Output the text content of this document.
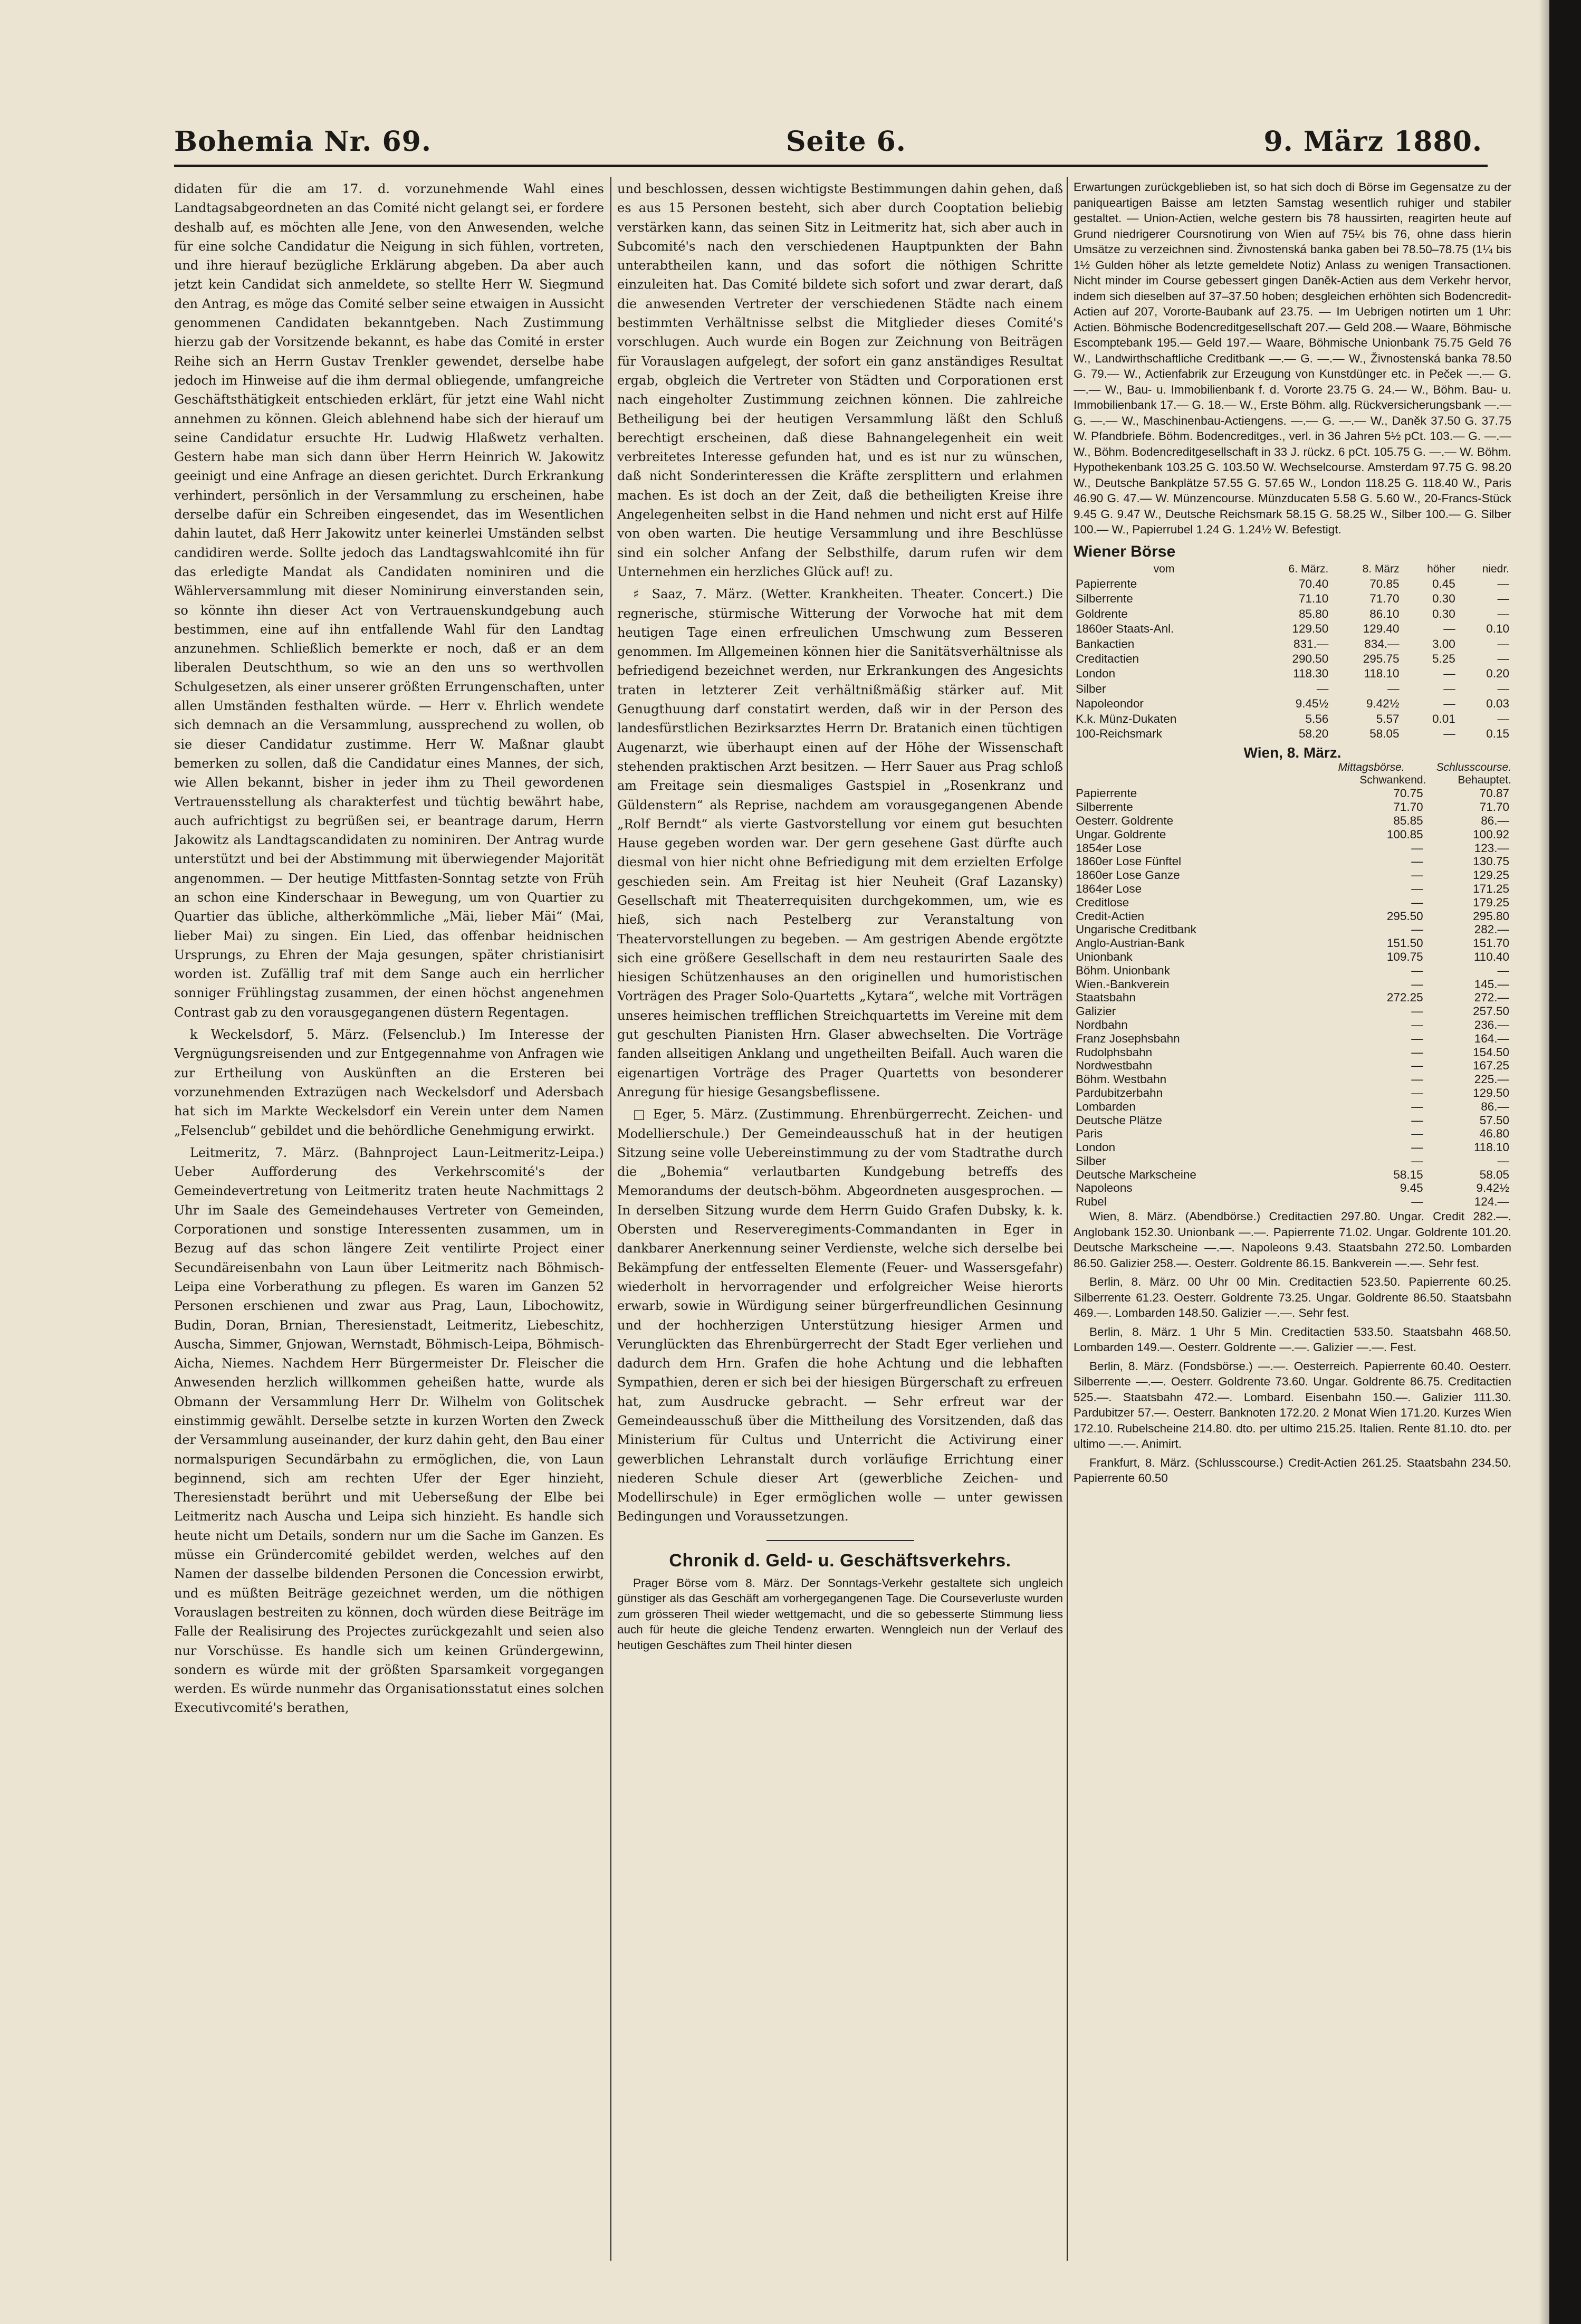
Bohemia Nr. 69.	Seite 6.	9. März 1880.

didaten für die am 17. d. vorzunehmende Wahl eines Landtagsabgeordneten an das Comité nicht gelangt sei, er fordere deshalb auf, es möchten alle Jene, von den Anwesenden, welche für eine solche Candidatur die Neigung in sich fühlen, vortreten, und ihre hierauf bezügliche Erklärung abgeben. Da aber auch jetzt kein Candidat sich anmeldete, so stellte Herr W. Siegmund den Antrag, es möge das Comité selber seine etwaigen in Aussicht genommenen Candidaten bekanntgeben. Nach Zustimmung hierzu gab der Vorsitzende bekannt, es habe das Comité in erster Reihe sich an Herrn Gustav Trenkler gewendet, derselbe habe jedoch im Hinweise auf die ihm dermal obliegende, umfangreiche Geschäftsthätigkeit entschieden erklärt, für jetzt eine Wahl nicht annehmen zu können. Gleich ablehnend habe sich der hierauf um seine Candidatur ersuchte Hr. Ludwig Hlaßwetz verhalten. Gestern habe man sich dann über Herrn Heinrich W. Jakowitz geeinigt und eine Anfrage an diesen gerichtet. Durch Erkrankung verhindert, persönlich in der Versammlung zu erscheinen, habe derselbe dafür ein Schreiben eingesendet, das im Wesentlichen dahin lautet, daß Herr Jakowitz unter keinerlei Umständen selbst candidiren werde. Sollte jedoch das Landtagswahlcomité ihn für das erledigte Mandat als Candidaten nominiren und die Wählerversammlung mit dieser Nominirung einverstanden sein, so könnte ihn dieser Act von Vertrauenskundgebung auch bestimmen, eine auf ihn entfallende Wahl für den Landtag anzunehmen. Schließlich bemerkte er noch, daß er an dem liberalen Deutschthum, so wie an den uns so werthvollen Schulgesetzen, als einer unserer größten Errungenschaften, unter allen Umständen festhalten würde. — Herr v. Ehrlich wendete sich demnach an die Versammlung, aussprechend zu wollen, ob sie dieser Candidatur zustimme. Herr W. Maßnar glaubt bemerken zu sollen, daß die Candidatur eines Mannes, der sich, wie Allen bekannt, bisher in jeder ihm zu Theil gewordenen Vertrauensstellung als charakterfest und tüchtig bewährt habe, auch aufrichtigst zu begrüßen sei, er beantrage darum, Herrn Jakowitz als Landtagscandidaten zu nominiren. Der Antrag wurde unterstützt und bei der Abstimmung mit überwiegender Majorität angenommen. — Der heutige Mittfasten-Sonntag setzte von Früh an schon eine Kinderschaar in Bewegung, um von Quartier zu Quartier das übliche, altherkömmliche „Mäi, lieber Mäi“ (Mai, lieber Mai) zu singen. Ein Lied, das offenbar heidnischen Ursprungs, zu Ehren der Maja gesungen, später christianisirt worden ist. Zufällig traf mit dem Sange auch ein herrlicher sonniger Frühlingstag zusammen, der einen höchst angenehmen Contrast gab zu den vorausgegangenen düstern Regentagen.

k Weckelsdorf, 5. März. (Felsenclub.) Im Interesse der Vergnügungsreisenden und zur Entgegennahme von Anfragen wie zur Ertheilung von Auskünften an die Ersteren bei vorzunehmenden Extrazügen nach Weckelsdorf und Adersbach hat sich im Markte Weckelsdorf ein Verein unter dem Namen „Felsenclub“ gebildet und die behördliche Genehmigung erwirkt.

Leitmeritz, 7. März. (Bahnproject Laun-Leitmeritz-Leipa.) Ueber Aufforderung des Verkehrscomité's der Gemeindevertretung von Leitmeritz traten heute Nachmittags 2 Uhr im Saale des Gemeindehauses Vertreter von Gemeinden, Corporationen und sonstige Interessenten zusammen, um in Bezug auf das schon längere Zeit ventilirte Project einer Secundäreisenbahn von Laun über Leitmeritz nach Böhmisch-Leipa eine Vorberathung zu pflegen. Es waren im Ganzen 52 Personen erschienen und zwar aus Prag, Laun, Libochowitz, Budin, Doran, Brnian, Theresienstadt, Leitmeritz, Liebeschitz, Auscha, Simmer, Gnjowan, Wernstadt, Böhmisch-Leipa, Böhmisch-Aicha, Niemes. Nachdem Herr Bürgermeister Dr. Fleischer die Anwesenden herzlich willkommen geheißen hatte, wurde als Obmann der Versammlung Herr Dr. Wilhelm von Golitschek einstimmig gewählt. Derselbe setzte in kurzen Worten den Zweck der Versammlung auseinander, der kurz dahin geht, den Bau einer normalspurigen Secundärbahn zu ermöglichen, die, von Laun beginnend, sich am rechten Ufer der Eger hinzieht, Theresienstadt berührt und mit Ueberseßung der Elbe bei Leitmeritz nach Auscha und Leipa sich hinzieht. Es handle sich heute nicht um Details, sondern nur um die Sache im Ganzen. Es müsse ein Gründercomité gebildet werden, welches auf den Namen der dasselbe bildenden Personen die Concession erwirbt, und es müßten Beiträge gezeichnet werden, um die nöthigen Vorauslagen bestreiten zu können, doch würden diese Beiträge im Falle der Realisirung des Projectes zurückgezahlt und seien also nur Vorschüsse. Es handle sich um keinen Gründergewinn, sondern es würde mit der größten Sparsamkeit vorgegangen werden. Es würde nunmehr das Organisationsstatut eines solchen Executivcomité's berathen,

und beschlossen, dessen wichtigste Bestimmungen dahin gehen, daß es aus 15 Personen besteht, sich aber durch Cooptation beliebig verstärken kann, das seinen Sitz in Leitmeritz hat, sich aber auch in Subcomité's nach den verschiedenen Hauptpunkten der Bahn unterabtheilen kann, und das sofort die nöthigen Schritte einzuleiten hat. Das Comité bildete sich sofort und zwar derart, daß die anwesenden Vertreter der verschiedenen Städte nach einem bestimmten Verhältnisse selbst die Mitglieder dieses Comité's vorschlugen. Auch wurde ein Bogen zur Zeichnung von Beiträgen für Vorauslagen aufgelegt, der sofort ein ganz anständiges Resultat ergab, obgleich die Vertreter von Städten und Corporationen erst nach eingeholter Zustimmung zeichnen können. Die zahlreiche Betheiligung bei der heutigen Versammlung läßt den Schluß berechtigt erscheinen, daß diese Bahnangelegenheit ein weit verbreitetes Interesse gefunden hat, und es ist nur zu wünschen, daß nicht Sonderinteressen die Kräfte zersplittern und erlahmen machen. Es ist doch an der Zeit, daß die betheiligten Kreise ihre Angelegenheiten selbst in die Hand nehmen und nicht erst auf Hilfe von oben warten. Die heutige Versammlung und ihre Beschlüsse sind ein solcher Anfang der Selbsthilfe, darum rufen wir dem Unternehmen ein herzliches Glück auf! zu.

♯ Saaz, 7. März. (Wetter. Krankheiten. Theater. Concert.) Die regnerische, stürmische Witterung der Vorwoche hat mit dem heutigen Tage einen erfreulichen Umschwung zum Besseren genommen. Im Allgemeinen können hier die Sanitätsverhältnisse als befriedigend bezeichnet werden, nur Erkrankungen des Angesichts traten in letzterer Zeit verhältnißmäßig stärker auf. Mit Genugthuung darf constatirt werden, daß wir in der Person des landesfürstlichen Bezirksarztes Herrn Dr. Bratanich einen tüchtigen Augenarzt, wie überhaupt einen auf der Höhe der Wissenschaft stehenden praktischen Arzt besitzen. — Herr Sauer aus Prag schloß am Freitage sein diesmaliges Gastspiel in „Rosenkranz und Güldenstern“ als Reprise, nachdem am vorausgegangenen Abende „Rolf Berndt“ als vierte Gastvorstellung vor einem gut besuchten Hause gegeben worden war. Der gern gesehene Gast dürfte auch diesmal von hier nicht ohne Befriedigung mit dem erzielten Erfolge geschieden sein. Am Freitag ist hier Neuheit (Graf Lazansky) Gesellschaft mit Theaterrequisiten durchgekommen, um, wie es hieß, sich nach Pestelberg zur Veranstaltung von Theatervorstellungen zu begeben. — Am gestrigen Abende ergötzte sich eine größere Gesellschaft in dem neu restaurirten Saale des hiesigen Schützenhauses an den originellen und humoristischen Vorträgen des Prager Solo-Quartetts „Kytara“, welche mit Vorträgen unseres heimischen trefflichen Streichquartetts im Vereine mit dem gut geschulten Pianisten Hrn. Glaser abwechselten. Die Vorträge fanden allseitigen Anklang und ungetheilten Beifall. Auch waren die eigenartigen Vorträge des Prager Quartetts von besonderer Anregung für hiesige Gesangsbeflissene.

□ Eger, 5. März. (Zustimmung. Ehrenbürgerrecht. Zeichen- und Modellierschule.) Der Gemeindeausschuß hat in der heutigen Sitzung seine volle Uebereinstimmung zu der vom Stadtrathe durch die „Bohemia“ verlautbarten Kundgebung betreffs des Memorandums der deutsch-böhm. Abgeordneten ausgesprochen. — In derselben Sitzung wurde dem Herrn Guido Grafen Dubsky, k. k. Obersten und Reserveregiments-Commandanten in Eger in dankbarer Anerkennung seiner Verdienste, welche sich derselbe bei Bekämpfung der entfesselten Elemente (Feuer- und Wassersgefahr) wiederholt in hervorragender und erfolgreicher Weise hierorts erwarb, sowie in Würdigung seiner bürgerfreundlichen Gesinnung und der hochherzigen Unterstützung hiesiger Armen und Verunglückten das Ehrenbürgerrecht der Stadt Eger verliehen und dadurch dem Hrn. Grafen die hohe Achtung und die lebhaften Sympathien, deren er sich bei der hiesigen Bürgerschaft zu erfreuen hat, zum Ausdrucke gebracht. — Sehr erfreut war der Gemeindeausschuß über die Mittheilung des Vorsitzenden, daß das Ministerium für Cultus und Unterricht die Activirung einer gewerblichen Lehranstalt durch vorläufige Errichtung einer niederen Schule dieser Art (gewerbliche Zeichen- und Modellirschule) in Eger ermöglichen wolle — unter gewissen Bedingungen und Voraussetzungen.

Chronik d. Geld- u. Geschäftsverkehrs.

Prager Börse vom 8. März. Der Sonntags-Verkehr gestaltete sich ungleich günstiger als das Geschäft am vorhergegangenen Tage. Die Courseverluste wurden zum grösseren Theil wieder wettgemacht, und die so gebesserte Stimmung liess auch für heute die gleiche Tendenz erwarten. Wenngleich nun der Verlauf des heutigen Geschäftes zum Theil hinter diesen

Erwartungen zurückgeblieben ist, so hat sich doch di Börse im Gegensatze zu der paniqueartigen Baisse am letzten Samstag wesentlich ruhiger und stabiler gestaltet. — Union-Actien, welche gestern bis 78 haussirten, reagirten heute auf Grund niedrigerer Coursnotirung von Wien auf 75¼ bis 76, ohne dass hierin Umsätze zu verzeichnen sind. Živnostenská banka gaben bei 78.50–78.75 (1¼ bis 1½ Gulden höher als letzte gemeldete Notiz) Anlass zu wenigen Transactionen. Nicht minder im Course gebessert gingen Daněk-Actien aus dem Verkehr hervor, indem sich dieselben auf 37–37.50 hoben; desgleichen erhöhten sich Bodencredit-Actien auf 207, Vororte-Baubank auf 23.75. — Im Uebrigen notirten um 1 Uhr: Actien. Böhmische Bodencreditgesellschaft 207.— Geld 208.— Waare, Böhmische Escomptebank 195.— Geld 197.— Waare, Böhmische Unionbank 75.75 Geld 76 W., Landwirthschaftliche Creditbank —.— G. —.— W., Živnostenská banka 78.50 G. 79.— W., Actienfabrik zur Erzeugung von Kunstdünger etc. in Peček —.— G. —.— W., Bau- u. Immobilienbank f. d. Vororte 23.75 G. 24.— W., Böhm. Bau- u. Immobilienbank 17.— G. 18.— W., Erste Böhm. allg. Rückversicherungsbank —.— G. —.— W., Maschinenbau-Actiengens. —.— G. —.— W., Daněk 37.50 G. 37.75 W. Pfandbriefe. Böhm. Bodencreditges., verl. in 36 Jahren 5½ pCt. 103.— G. —.— W., Böhm. Bodencreditgesellschaft in 33 J. rückz. 6 pCt. 105.75 G. —.— W. Böhm. Hypothekenbank 103.25 G. 103.50 W. Wechselcourse. Amsterdam 97.75 G. 98.20 W., Deutsche Bankplätze 57.55 G. 57.65 W., London 118.25 G. 118.40 W., Paris 46.90 G. 47.— W. Münzencourse. Münzducaten 5.58 G. 5.60 W., 20-Francs-Stück 9.45 G. 9.47 W., Deutsche Reichsmark 58.15 G. 58.25 W., Silber 100.— G. Silber 100.— W., Papierrubel 1.24 G. 1.24½ W. Befestigt.

Wiener Börse
vom	6. März.	8. März	höher	niedr.
Papierrente	70.40	70.85	0.45	—
Silberrente	71.10	71.70	0.30	—
Goldrente	85.80	86.10	0.30	—
1860er Staats-Anl.	129.50	129.40	—	0.10
Bankactien	831.—	834.—	3.00	—
Creditactien	290.50	295.75	5.25	—
London	118.30	118.10	—	0.20
Silber	—	—	—	—
Napoleondor	9.45½	9.42½	—	0.03
K.k. Münz-Dukaten	5.56	5.57	0.01	—
100-Reichsmark	58.20	58.05	—	0.15
Wien, 8. März.
Mittagsbörse.	Schlusscourse.
Schwankend.	Behauptet.
Papierrente	70.75	70.87
Silberrente	71.70	71.70
Oesterr. Goldrente	85.85	86.—
Ungar. Goldrente	100.85	100.92
1854er Lose	—	123.—
1860er Lose Fünftel	—	130.75
1860er Lose Ganze	—	129.25
1864er Lose	—	171.25
Creditlose	—	179.25
Credit-Actien	295.50	295.80
Ungarische Creditbank	—	282.—
Anglo-Austrian-Bank	151.50	151.70
Unionbank	109.75	110.40
Böhm. Unionbank	—	—
Wien.-Bankverein	—	145.—
Staatsbahn	272.25	272.—
Galizier	—	257.50
Nordbahn	—	236.—
Franz Josephsbahn	—	164.—
Rudolphsbahn	—	154.50
Nordwestbahn	—	167.25
Böhm. Westbahn	—	225.—
Pardubitzerbahn	—	129.50
Lombarden	—	86.—
Deutsche Plätze	—	57.50
Paris	—	46.80
London	—	118.10
Silber	—	—
Deutsche Markscheine	58.15	58.05
Napoleons	9.45	9.42½
Rubel	—	124.—

Wien, 8. März. (Abendbörse.) Creditactien 297.80. Ungar. Credit 282.—. Anglobank 152.30. Unionbank —.—. Papierrente 71.02. Ungar. Goldrente 101.20. Deutsche Markscheine —.—. Napoleons 9.43. Staatsbahn 272.50. Lombarden 86.50. Galizier 258.—. Oesterr. Goldrente 86.15. Bankverein —.—. Sehr fest.

Berlin, 8. März. 00 Uhr 00 Min. Creditactien 523.50. Papierrente 60.25. Silberrente 61.23. Oesterr. Goldrente 73.25. Ungar. Goldrente 86.50. Staatsbahn 469.—. Lombarden 148.50. Galizier —.—. Sehr fest.

Berlin, 8. März. 1 Uhr 5 Min. Creditactien 533.50. Staatsbahn 468.50. Lombarden 149.—. Oesterr. Goldrente —.—. Galizier —.—. Fest.

Berlin, 8. März. (Fondsbörse.) —.—. Oesterreich. Papierrente 60.40. Oesterr. Silberrente —.—. Oesterr. Goldrente 73.60. Ungar. Goldrente 86.75. Creditactien 525.—. Staatsbahn 472.—. Lombard. Eisenbahn 150.—. Galizier 111.30. Pardubitzer 57.—. Oesterr. Banknoten 172.20. 2 Monat Wien 171.20. Kurzes Wien 172.10. Rubelscheine 214.80. dto. per ultimo 215.25. Italien. Rente 81.10. dto. per ultimo —.—. Animirt.

Frankfurt, 8. März. (Schlusscourse.) Credit-Actien 261.25. Staatsbahn 234.50. Papierrente 60.50
